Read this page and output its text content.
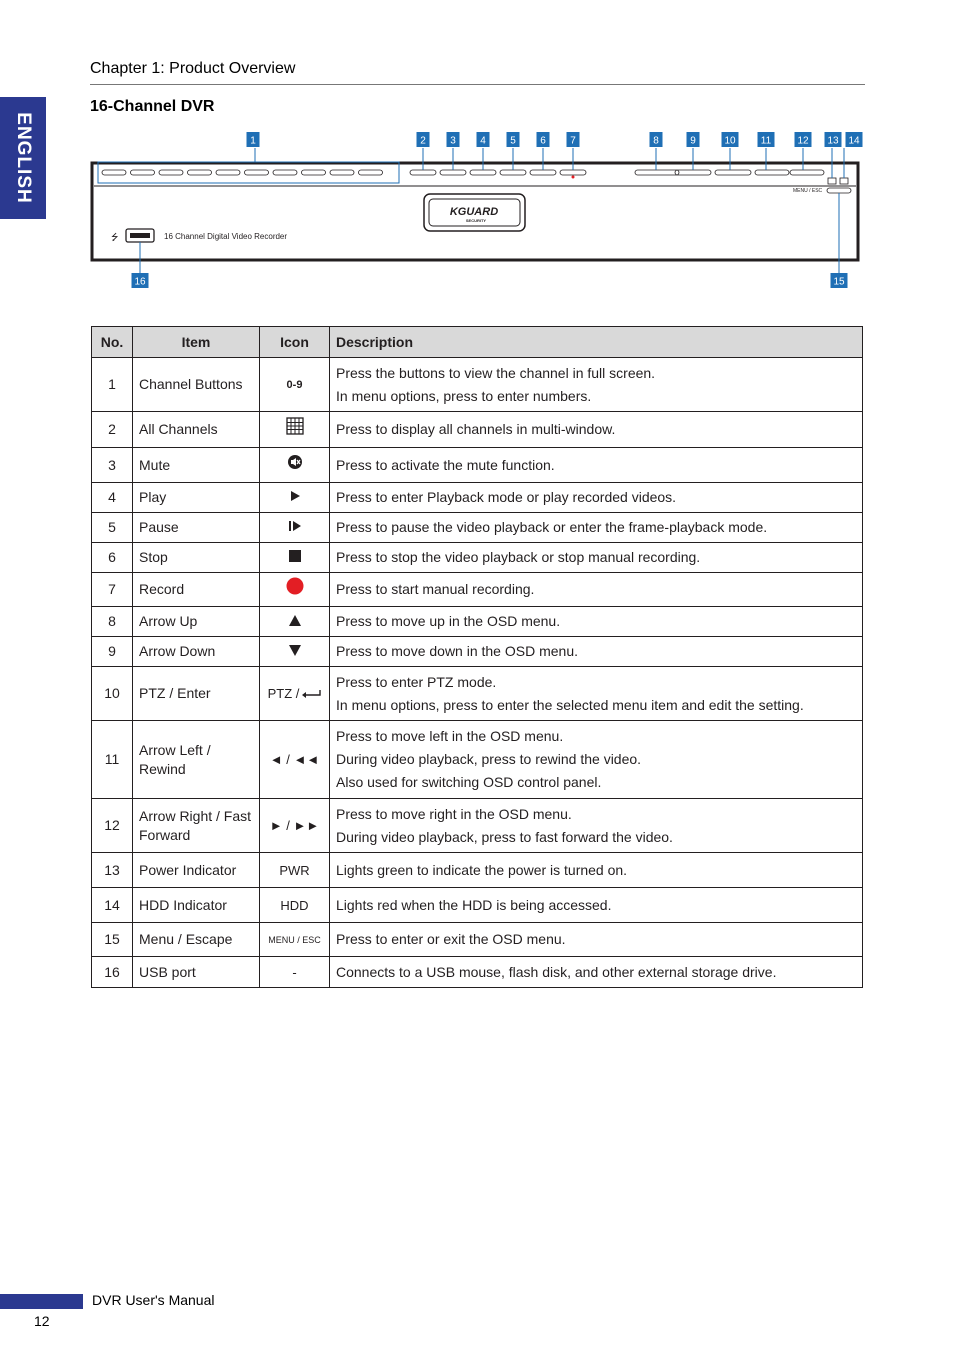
ENGLISH
Chapter 1: Product Overview
16-Channel DVR
MENU / ESC
KGUARD
SECURITY
⭍	16 Channel Digital Video Recorder
1	2 3 4 5 6 7	8	9	10	11	12 13 14
15
16
No.	Item	Icon	Description
1	Channel Buttons	0-9	Press the buttons to view the channel in full screen.
In menu options, press to enter numbers.

2	All Channels		Press to display all channels in multi-window.

3	Mute		Press to activate the mute function.

4	Play		Press to enter Playback mode or play recorded videos.

5	Pause		Press to pause the video playback or enter the frame-playback mode.

6	Stop		Press to stop the video playback or stop manual recording.

7	Record		Press to start manual recording.

8	Arrow Up		Press to move up in the OSD menu.

9	Arrow Down		Press to move down in the OSD menu.

10	PTZ / Enter	PTZ /	Press to enter PTZ mode.
In menu options, press to enter the selected menu item and edit the setting.

11	Arrow Left / Rewind	◄ / ◄◄	Press to move left in the OSD menu.
During video playback, press to rewind the video.
Also used for switching OSD control panel.

12	Arrow Right / Fast Forward	► / ►►	Press to move right in the OSD menu.
During video playback, press to fast forward the video.

13	Power Indicator	PWR	Lights green to indicate the power is turned on.

14	HDD Indicator	HDD	Lights red when the HDD is being accessed.

15	Menu / Escape	MENU / ESC	Press to enter or exit the OSD menu.

16	USB port	-	Connects to a USB mouse, flash disk, and other external storage drive.
DVR User's Manual
12
